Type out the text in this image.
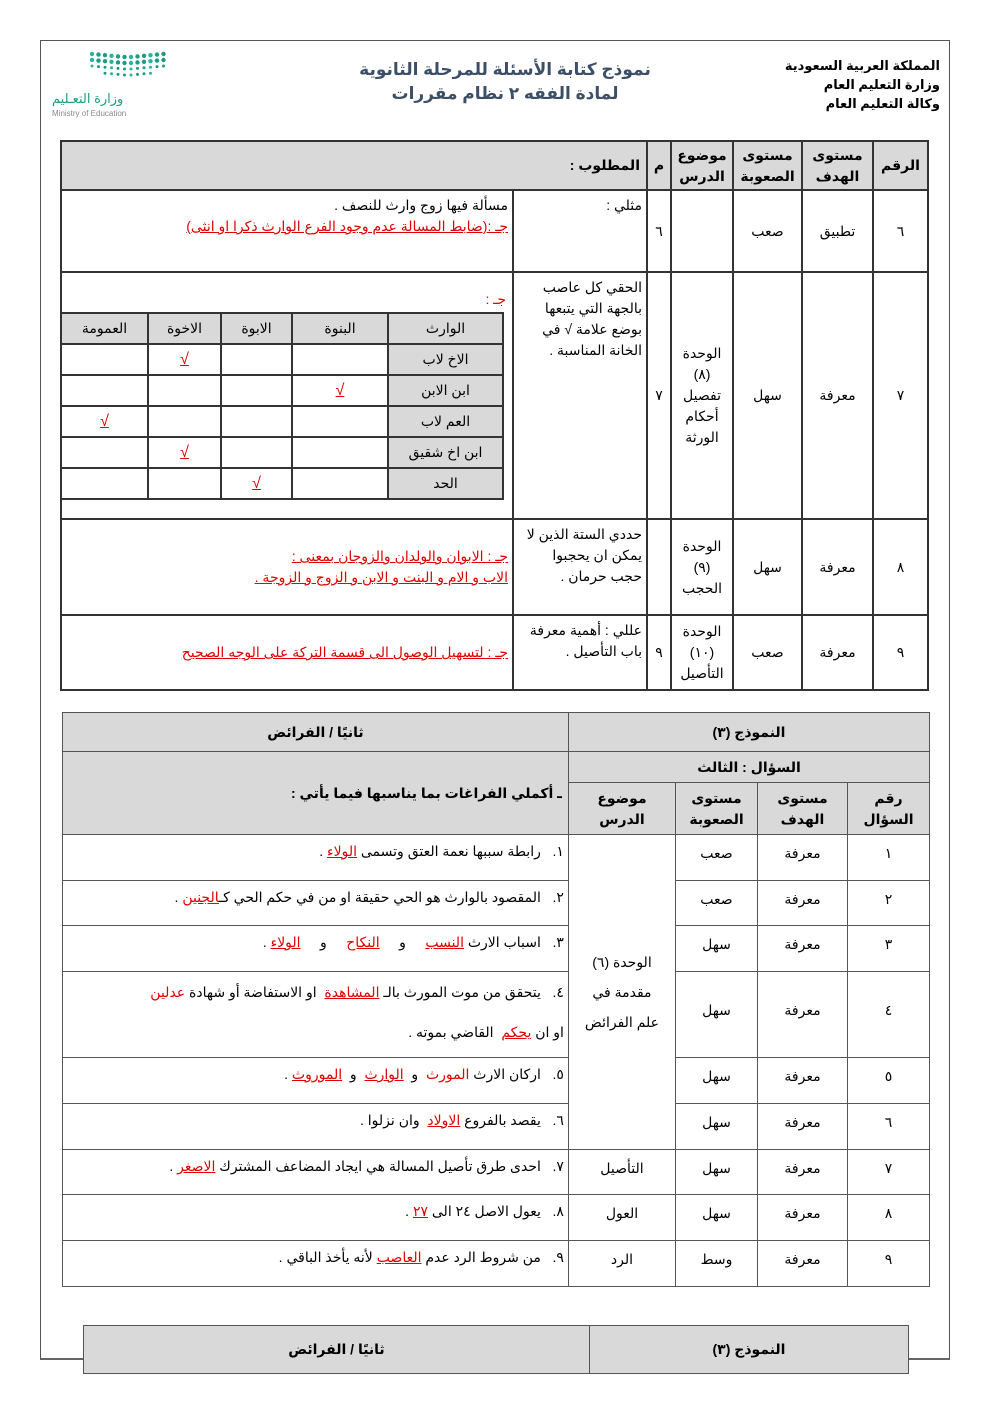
المملكة العربية السعودية
وزارة التعليم العام
وكالة التعليم العام
نموذج كتابة الأسئلة للمرحلة الثانوية
لمادة الفقه ٢ نظام مقررات
وزارة التعـليم
Ministry of Education
الرقم	مستوى الهدف	مستوى الصعوبة	موضوع الدرس	م	المطلوب :
٦	تطبيق	صعب		٦	مثلي :	
مسألة فيها زوج وارث للنصف .
جـ :(ضابط المسالة عدم وجود الفرع الوارث ذكرا او انثى)

٧	معرفة	سهل	الوحدة (٨) تفصيل أحكام الورثة	٧	الحقي كل عاصب بالجهة التي يتبعها بوضع علامة √ في الخانة المناسبة .	
جـ :
الوارث	البنوة	الابوة	الاخوة	العمومة
الاخ لاب			√	
ابن الابن	√			
العم لاب				√
ابن اخ شقيق			√	
الحد		√		

٨	معرفة	سهل	الوحدة (٩) الحجب		حددي الستة الذين لا يمكن ان يحجبوا حجب حرمان .	
جـ : الابوان والولدان والزوجان بمعنى :
الاب و الام و البنت و الابن و الزوج و الزوجة .

٩	معرفة	صعب	الوحدة (١٠) التأصيل	٩	عللي : أهمية معرفة باب التأصيل .	
جـ : لتسهيل الوصول الى قسمة التركة على الوجه الصحيح
النموذج (٣)				ثانيًا / الفرائض
السؤال : الثالث				ـ أكملي الفراغات بما يناسبها فيما يأتي :
رقم السؤال	مستوى الهدف	مستوى الصعوبة	موضوع الدرس	
١	معرفة	صعب	الوحدة (٦) مقدمة في علم الفرائض	١.   رابطة سببها نعمة العتق وتسمى الولاء .

٢	معرفة	صعب		٢.   المقصود بالوارث هو الحي حقيقة او من في حكم الحي كـالجنين .

٣	معرفة	سهل		٣.   اسباب الارث النسب     و     النكاح     و     الولاء .

٤	معرفة	سهل		٤.   يتحقق من موت المورث بالـ المشاهدة  او الاستفاضة أو شهادة عدلين
او ان يحكم  القاضي بموته .

٥	معرفة	سهل		٥.   اركان الارث المورث  و  الوارث  و  الموروث .

٦	معرفة	سهل		٦.   يقصد بالفروع الاولاد  وان نزلوا .

٧	معرفة	سهل	التأصيل	٧.   احدى طرق تأصيل المسالة هي ايجاد المضاعف المشترك الاصغر .

٨	معرفة	سهل	العول	٨.   يعول الاصل ٢٤ الى ٢٧ .

٩	معرفة	وسط	الرد	٩.   من شروط الرد عدم العاصب لأنه يأخذ الباقي .
النموذج (٣)	ثانيًا / الفرائض
